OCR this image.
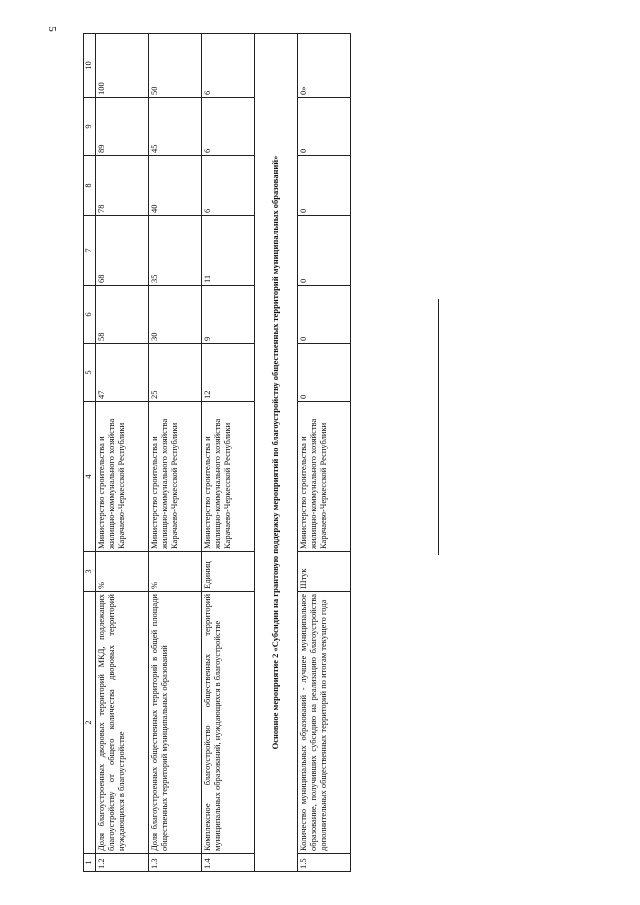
5
1	2	3	4	5	6	7	8	9	10
1.2	Доля благоустроенных дворовых территорий МКД, подлежащих благоустройству от общего количества дворовых территорий нуждающихся в благоустройстве	%	Министерство строительства и жилищно-коммунального хозяйства Карачаево-Черкесской Республики	47	58	68	78	89	100
1.3	Доля благоустроенных общественных территорий в общей площади общественных территорий муниципальных образований	%	Министерство строительства и жилищно-коммунального хозяйства Карачаево-Черкесской Республики	25	30	35	40	45	50
1.4	Комплексное благоустройство общественных территорий муниципальных образований, нуждающихся в благоустройстве	Единиц	Министерство строительства и жилищно-коммунального хозяйства Карачаево-Черкесской Республики	12	9	11	6	6	6
Основное мероприятие 2 «Субсидии на грантовую поддержку мероприятий по благоустройству общественных территорий муниципальных образований»									
1.5	Количество муниципальных образований - лучшее муниципальное образование, получивших субсидию на реализацию благоустройства дополнительных общественных территорий по итогам текущего года	Штук	Министерство строительства и жилищно-коммунального хозяйства Карачаево-Черкесской Республики	0	0	0	0	0	0»
